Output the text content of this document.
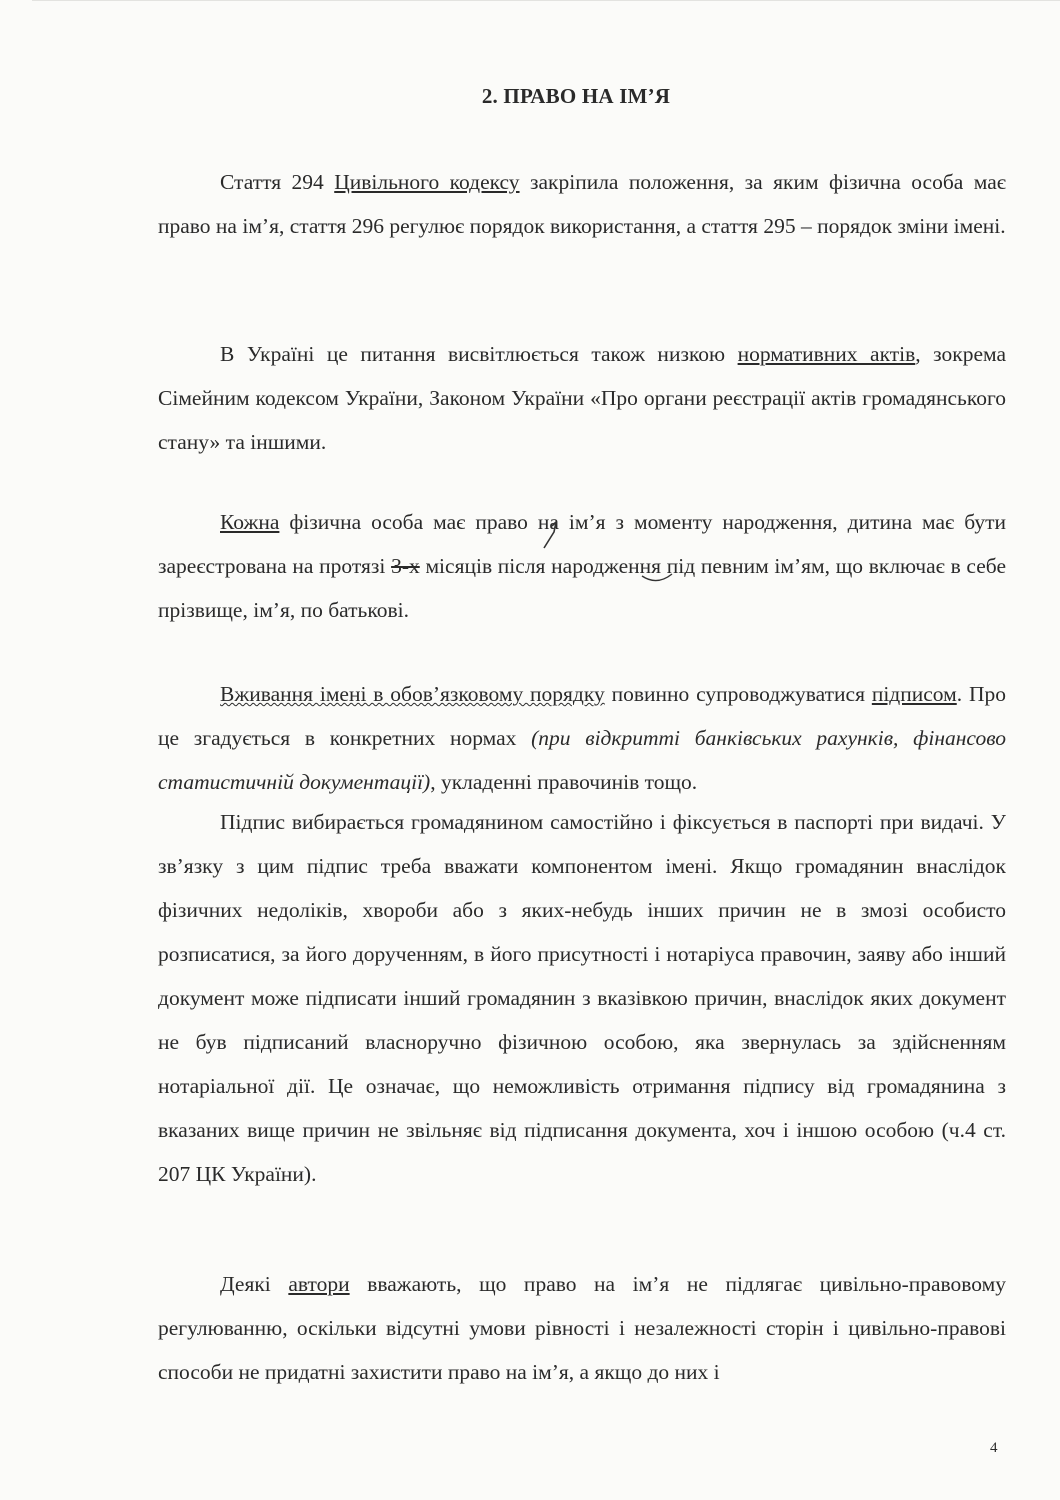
2. ПРАВО НА ІМ’Я
Стаття 294 Цивільного кодексу закріпила положення, за яким фізична особа має право на ім’я, стаття 296 регулює порядок використання, а стаття 295 – порядок зміни імені.
В Україні це питання висвітлюється також низкою нормативних актів, зокрема Сімейним кодексом України, Законом України «Про органи реєстрації актів громадянського стану» та іншими.
Кожна фізична особа має право на ім’я з моменту народження, дитина має бути зареєстрована на протязі 3-х місяців після народження під певним ім’ям, що включає в себе прізвище, ім’я, по батькові.
Вживання імені в обов’язковому порядку повинно супроводжуватися підписом. Про це згадується в конкретних нормах (при відкритті банківських рахунків, фінансово статистичній документації), укладенні правочинів тощо.
Підпис вибирається громадянином самостійно і фіксується в паспорті при видачі. У зв’язку з цим підпис треба вважати компонентом імені. Якщо громадянин внаслідок фізичних недоліків, хвороби або з яких-небудь інших причин не в змозі особисто розписатися, за його дорученням, в його присутності і нотаріуса правочин, заяву або інший документ може підписати інший громадянин з вказівкою причин, внаслідок яких документ не був підписаний власноручно фізичною особою, яка звернулась за здійсненням нотаріальної дії. Це означає, що неможливість отримання підпису від громадянина з вказаних вище причин не звільняє від підписання документа, хоч і іншою особою (ч.4 ст. 207 ЦК України).
Деякі автори вважають, що право на ім’я не підлягає цивільно-правовому регулюванню, оскільки відсутні умови рівності і незалежності сторін і цивільно-правові способи не придатні захистити право на ім’я, а якщо до них і
4
